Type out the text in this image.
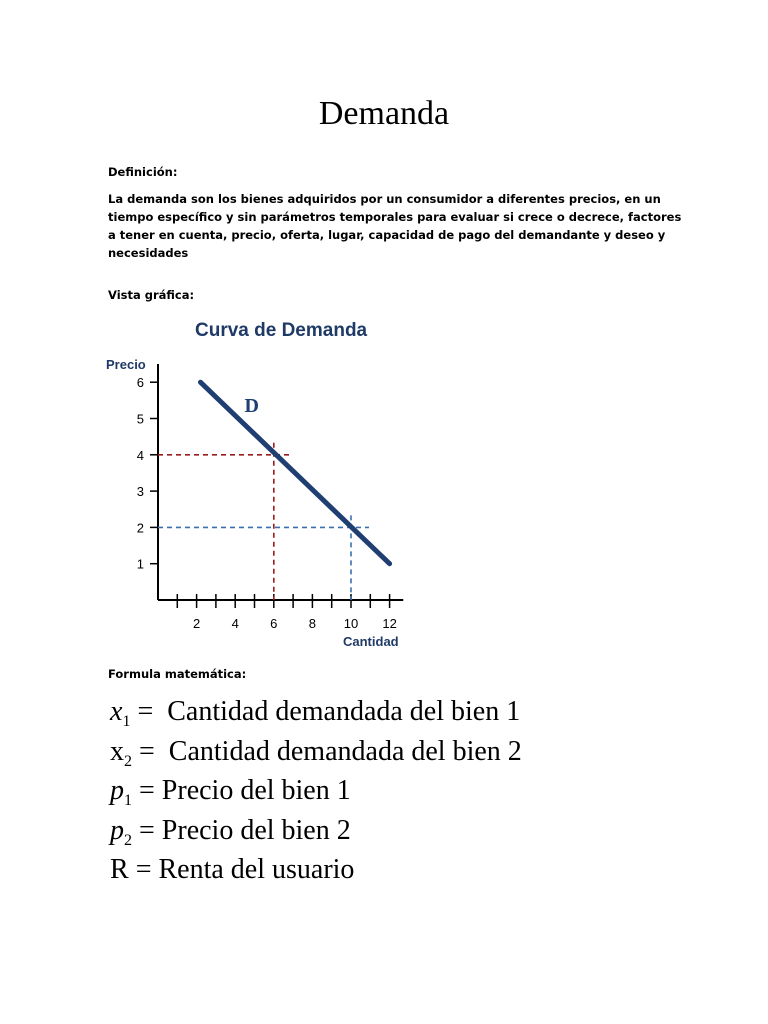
Demanda
Definición:
La demanda son los bienes adquiridos por un consumidor a diferentes precios, en un tiempo específico y sin parámetros temporales para evaluar si crece o decrece, factores a tener en cuenta, precio, oferta, lugar, capacidad de pago del demandante y deseo y necesidades
Vista gráfica:
Curva de Demanda
Precio
Cantidad
1
2
3
4
5
6
2 4 6 8 10 12
D
Formula matemática:
$x_1$ =  Cantidad demandada del bien 1
$x_2$ =  Cantidad demandada del bien 2
$p_1$ = Precio del bien 1
$p_2$ = Precio del bien 2
R = Renta del usuario
